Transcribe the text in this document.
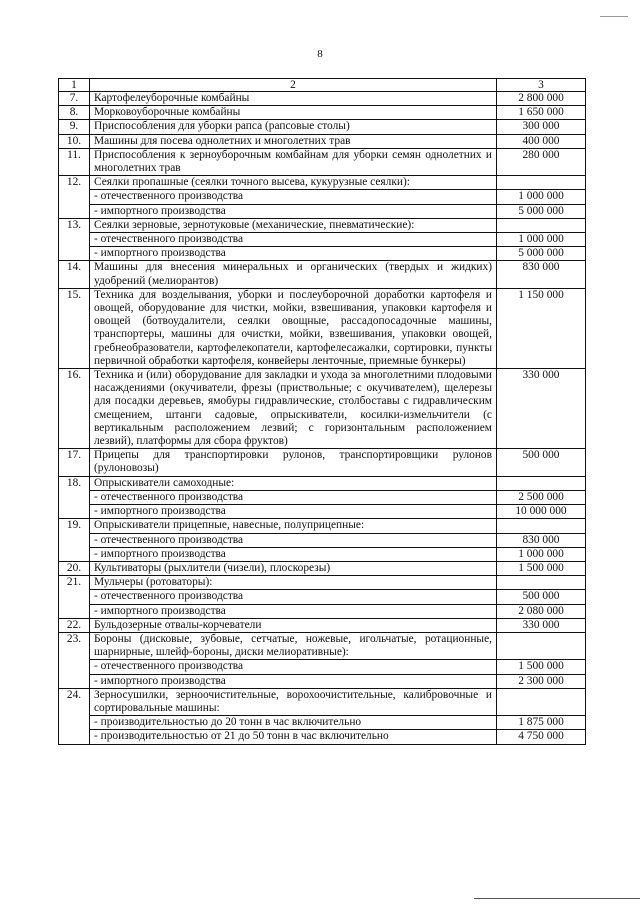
8
1	2	3
7.	Картофелеуборочные комбайны	2 800 000
8.	Морковоуборочные комбайны	1 650 000
9.	Приспособления для уборки рапса (рапсовые столы)	300 000
10.	Машины для посева однолетних и многолетних трав	400 000
11.	Приспособления к зерноуборочным комбайнам для уборки семян однолетних и многолетних трав	280 000
12.	Сеялки пропашные (сеялки точного высева, кукурузные сеялки):	
	- отечественного производства	1 000 000
	- импортного производства	5 000 000
13.	Сеялки зерновые, зернотуковые (механические, пневматические):	
	- отечественного производства	1 000 000
	- импортного производства	5 000 000
14.	Машины для внесения минеральных и органических (твердых и жидких) удобрений (мелиорантов)	830 000
15.	Техника для возделывания, уборки и послеуборочной доработки картофеля и овощей, оборудование для чистки, мойки, взвешивания, упаковки картофеля и овощей (ботвоудалители, сеялки овощные, рассадопосадочные машины, транспортеры, машины для очистки, мойки, взвешивания, упаковки овощей, гребнеобразователи, картофелекопатели, картофелесажалки, сортировки, пункты первичной обработки картофеля, конвейеры ленточные, приемные бункеры)	1 150 000
16.	Техника и (или) оборудование для закладки и ухода за многолетними плодовыми насаждениями (окучиватели, фрезы (приствольные; с окучивателем), щелерезы для посадки деревьев, ямобуры гидравлические, столбоставы с гидравлическим смещением, штанги садовые, опрыскиватели, косилки-измельчители (с вертикальным расположением лезвий; с горизонтальным расположением лезвий), платформы для сбора фруктов)	330 000
17.	Прицепы для транспортировки рулонов, транспортировщики рулонов (рулоновозы)	500 000
18.	Опрыскиватели самоходные:	
	- отечественного производства	2 500 000
	- импортного производства	10 000 000
19.	Опрыскиватели прицепные, навесные, полуприцепные:	
	- отечественного производства	830 000
	- импортного производства	1 000 000
20.	Культиваторы (рыхлители (чизели), плоскорезы)	1 500 000
21.	Мульчеры (ротоваторы):	
	- отечественного производства	500 000
	- импортного производства	2 080 000
22.	Бульдозерные отвалы-корчеватели	330 000
23.	Бороны (дисковые, зубовые, сетчатые, ножевые, игольчатые, ротационные, шарнирные, шлейф-бороны, диски мелиоративные):	
	- отечественного производства	1 500 000
	- импортного производства	2 300 000
24.	Зерносушилки, зерноочистительные, ворохоочистительные, калибровочные и сортировальные машины:	
	- производительностью до 20 тонн в час включительно	1 875 000
	- производительностью от 21 до 50 тонн в час включительно	4 750 000
